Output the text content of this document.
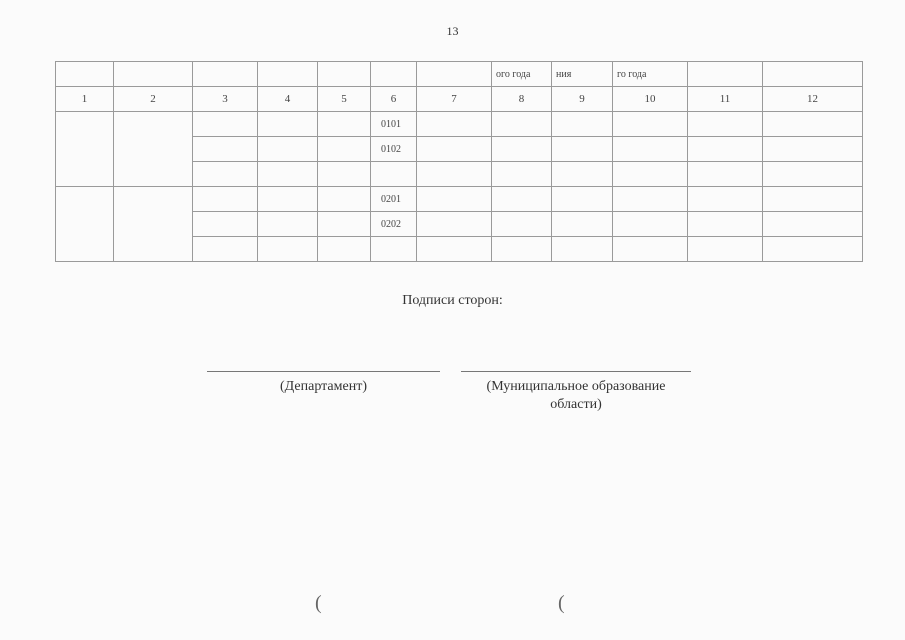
13
							ого года	ния	го года		
1	2	3	4	5	6	7	8	9	10	11	12
					0101						
					0102						

					0201						
					0202						

Подписи сторон:
(Департамент)	(Муниципальное образование
области)
(	(
